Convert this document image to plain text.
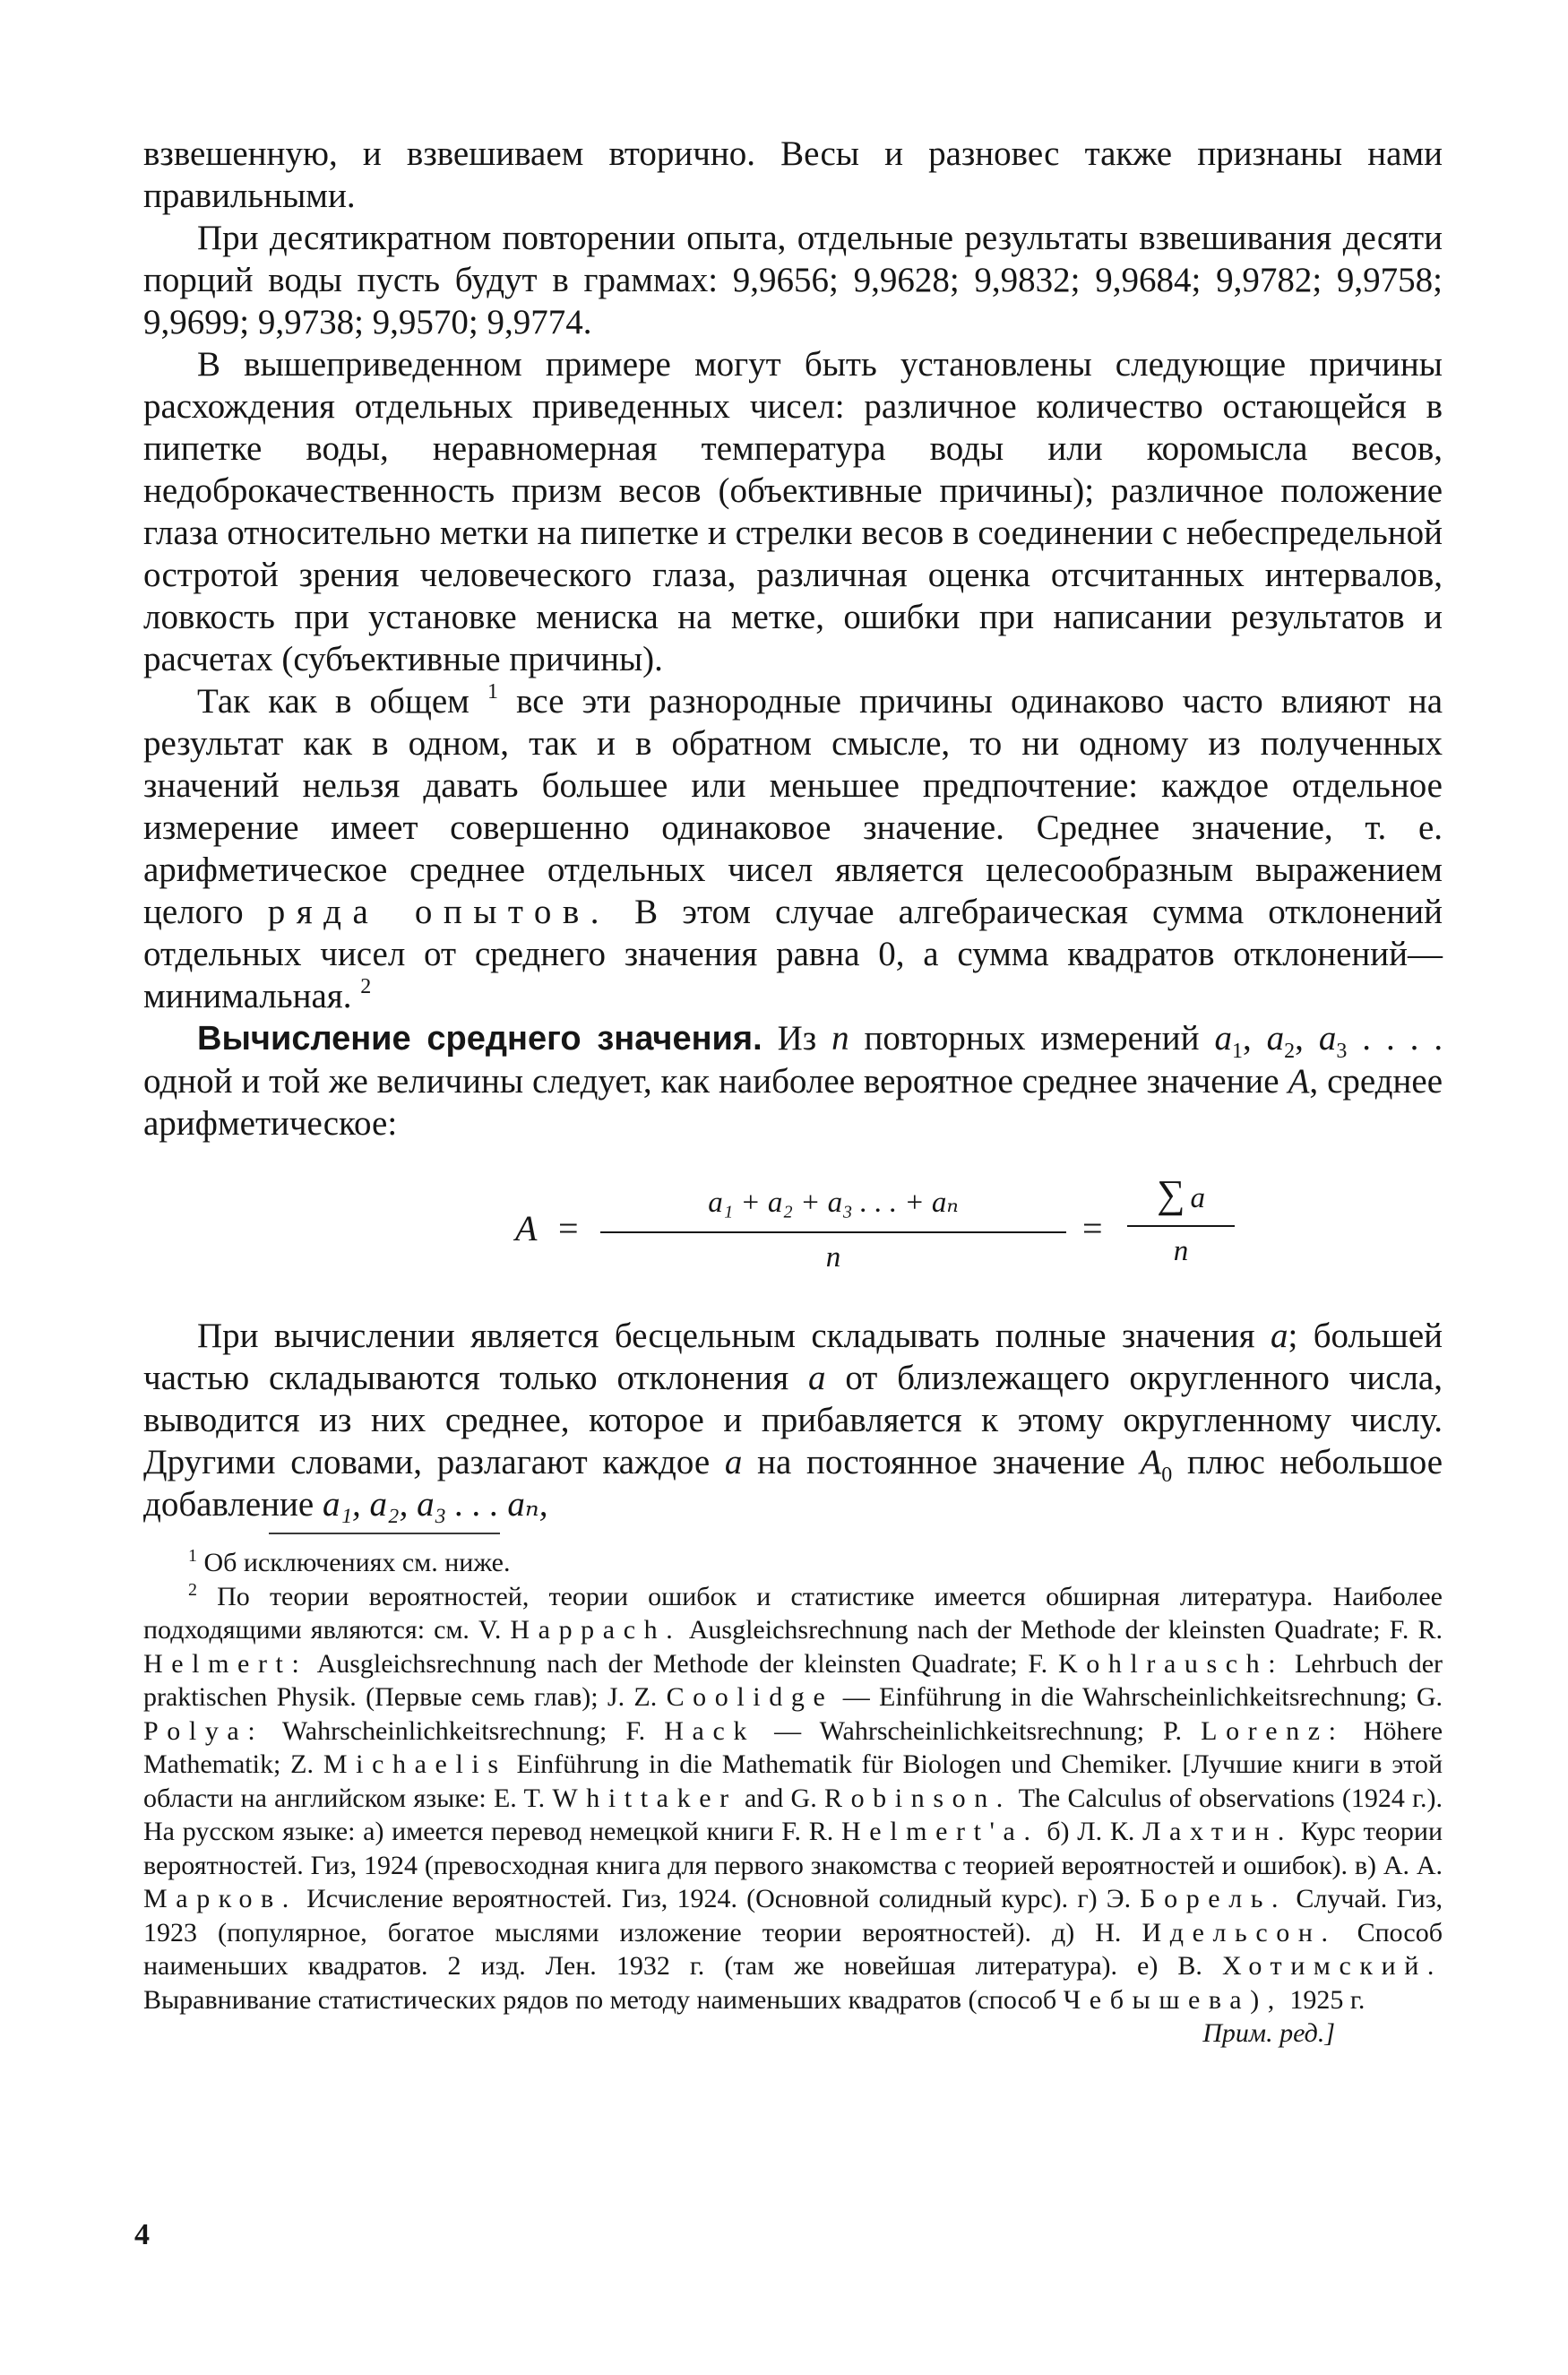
взвешенную, и взвешиваем вторично. Весы и разновес также признаны нами правильными.

При десятикратном повторении опыта, отдельные результаты взвешивания десяти порций воды пусть будут в граммах: 9,9656; 9,9628; 9,9832; 9,9684; 9,9782; 9,9758; 9,9699; 9,9738; 9,9570; 9,9774.

В вышеприведенном примере могут быть установлены следующие причины расхождения отдельных приведенных чисел: различное количество остающейся в пипетке воды, неравномерная температура воды или коромысла весов, недоброкачественность призм весов (объективные причины); различное положение глаза относительно метки на пипетке и стрелки весов в соединении с небеспредельной остротой зрения человеческого глаза, различная оценка отсчитанных интервалов, ловкость при установке мениска на метке, ошибки при написании результатов и расчетах (субъективные причины).

Так как в общем $^1$ все эти разнородные причины одинаково часто влияют на результат как в одном, так и в обратном смысле, то ни одному из полученных значений нельзя давать большее или меньшее предпочтение: каждое отдельное измерение имеет совершенно одинаковое значение. Среднее значение, т. е. арифметическое среднее отдельных чисел является целесообразным выражением целого ряда опытов. В этом случае алгебраическая сумма отклонений отдельных чисел от среднего значения равна 0, а сумма квадратов отклонений—минимальная. $^2$

Вычисление среднего значения. Из n повторных измерений $a_1$, $a_2$, $a_3$ . . . . одной и той же величины следует, как наиболее вероятное среднее значение A, среднее арифметическое:

$A = \frac{\text{a₁ + a₂ + a₃ . . . + aₙ}}{n} = \frac{\sum a}{n}$

При вычислении является бесцельным складывать полные значения a; большей частью складываются только отклонения a от близлежащего округленного числа, выводится из них среднее, которое и прибавляется к этому округленному числу. Другими словами, разлагают каждое a на постоянное значение $A_0$ плюс небольшое добавление a₁, a₂, a₃ . . . aₙ,

$^1$ Об исключениях см. ниже.

$^2$ По теории вероятностей, теории ошибок и статистике имеется обширная литература. Наиболее подходящими являются: см. V. Happach. Ausgleichsrechnung nach der Methode der kleinsten Quadrate; F. R. Helmert: Ausgleichsrechnung nach der Methode der kleinsten Quadrate; F. Kohlrausch: Lehrbuch der praktischen Physik. (Первые семь глав); J. Z. Coolidge — Einführung in die Wahrscheinlichkeitsrechnung; G. Polya: Wahrscheinlichkeitsrechnung; F. Hack — Wahrscheinlichkeitsrechnung; P. Lorenz: Höhere Mathematik; Z. Michaelis Einführung in die Mathematik für Biologen und Chemiker. [Лучшие книги в этой области на английском языке: E. T. Whittaker and G. Robinson. The Calculus of observations (1924 г.). На русском языке: а) имеется перевод немецкой книги F. R. Helmert'a. б) Л. К. Лахтин. Курс теории вероятностей. Гиз, 1924 (превосходная книга для первого знакомства с теорией вероятностей и ошибок). в) А. А. Марков. Исчисление вероятностей. Гиз, 1924. (Основной солидный курс). г) Э. Борель. Случай. Гиз, 1923 (популярное, богатое мыслями изложение теории вероятностей). д) Н. Идельсон. Способ наименьших квадратов. 2 изд. Лен. 1932 г. (там же новейшая литература). е) В. Хотимский. Выравнивание статистических рядов по методу наименьших квадратов (способ Чебышева), 1925 г.

Прим. ред.]

4
